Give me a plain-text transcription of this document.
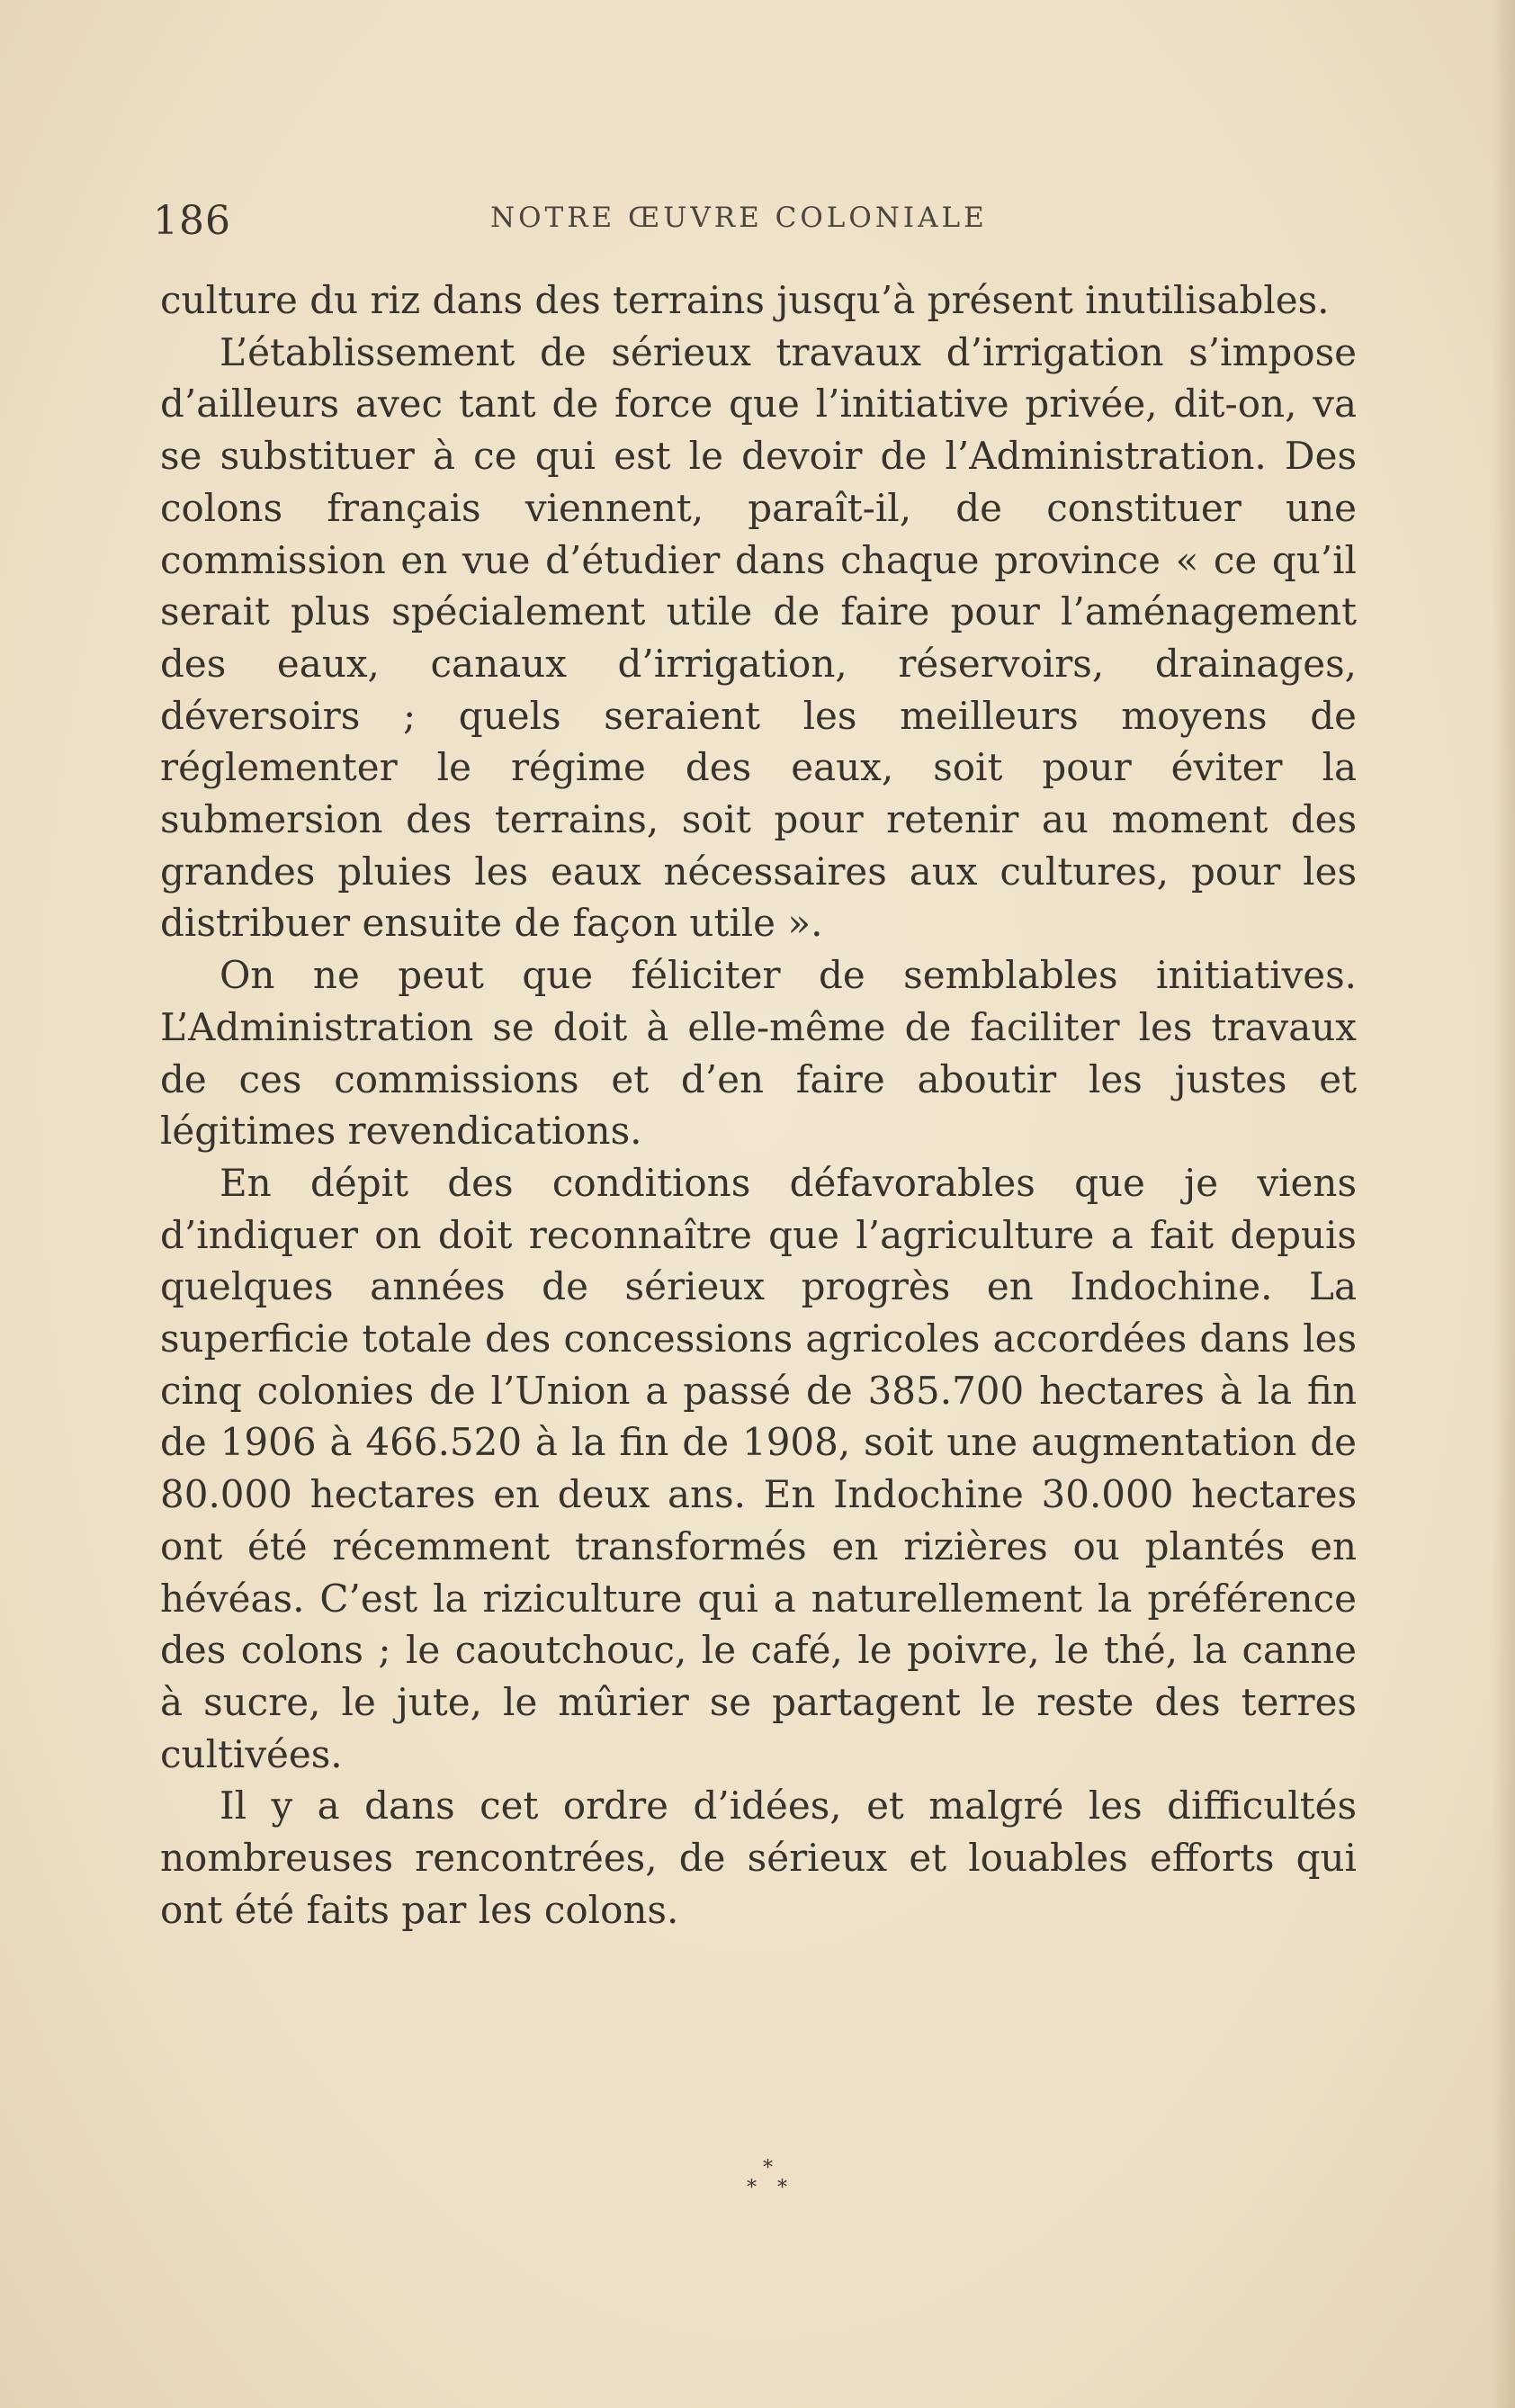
186	NOTRE ŒUVRE COLONIALE

culture du riz dans des terrains jusqu’à présent inutilisables.

L’établissement de sérieux travaux d’irrigation s’impose d’ailleurs avec tant de force que l’initiative privée, dit-on, va se substituer à ce qui est le devoir de l’Administration. Des colons français viennent, paraît-il, de constituer une commission en vue d’étudier dans chaque province « ce qu’il serait plus spécialement utile de faire pour l’aménagement des eaux, canaux d’irrigation, réservoirs, drainages, déversoirs ; quels seraient les meilleurs moyens de réglementer le régime des eaux, soit pour éviter la submersion des terrains, soit pour retenir au moment des grandes pluies les eaux nécessaires aux cultures, pour les distribuer ensuite de façon utile ».

On ne peut que féliciter de semblables initiatives. L’Administration se doit à elle-même de faciliter les travaux de ces commissions et d’en faire aboutir les justes et légitimes revendications.

En dépit des conditions défavorables que je viens d’indiquer on doit reconnaître que l’agriculture a fait depuis quelques années de sérieux progrès en Indochine. La superficie totale des concessions agricoles accordées dans les cinq colonies de l’Union a passé de 385.700 hectares à la fin de 1906 à 466.520 à la fin de 1908, soit une augmentation de 80.000 hectares en deux ans. En Indochine 30.000 hectares ont été récemment transformés en rizières ou plantés en hévéas. C’est la riziculture qui a naturellement la préférence des colons ; le caoutchouc, le café, le poivre, le thé, la canne à sucre, le jute, le mûrier se partagent le reste des terres cultivées.

Il y a dans cet ordre d’idées, et malgré les difficultés nombreuses rencontrées, de sérieux et louables efforts qui ont été faits par les colons.

*
* *
